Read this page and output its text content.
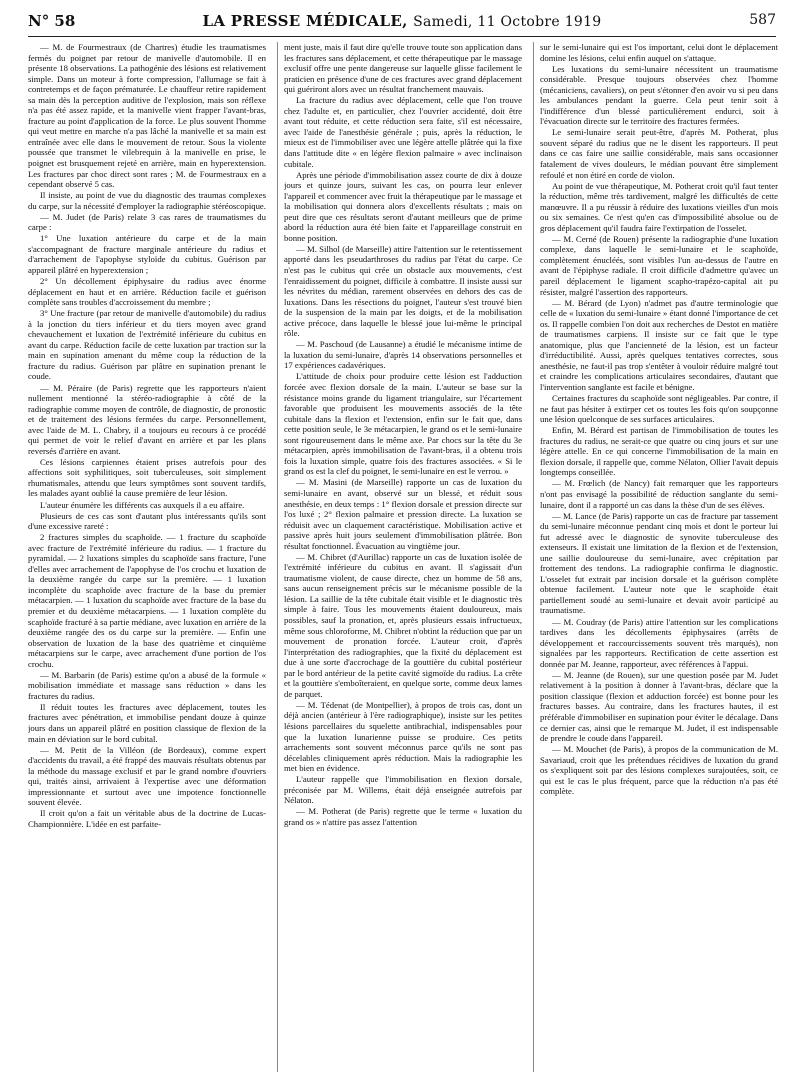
N° 58	LA PRESSE MÉDICALE, Samedi, 11 Octobre 1919	587

— M. de Fourmestraux (de Chartres) étudie les traumatismes fermés du poignet par retour de manivelle d'automobile. Il en présente 18 observations. La pathogénie des lésions est relativement simple. Dans un moteur à forte compression, l'allumage se fait à contretemps et de façon prématurée. Le chauffeur retire rapidement sa main dès la perception auditive de l'explosion, mais son réflexe n'a pas été assez rapide, et la manivelle vient frapper l'avant-bras, fracture au point d'application de la force. Le plus souvent l'homme qui veut mettre en marche n'a pas lâché la manivelle et sa main est entraînée avec elle dans le mouvement de retour. Sous la violente poussée que transmet le vilebrequin à la manivelle en prise, le poignet est brusquement rejeté en arrière, main en hyperextension. Les fractures par choc direct sont rares ; M. de Fourmestraux en a cependant observé 5 cas.

Il insiste, au point de vue du diagnostic des traumas complexes du carpe, sur la nécessité d'employer la radiographie stéréoscopique.

— M. Judet (de Paris) relate 3 cas rares de traumatismes du carpe :

1° Une luxation antérieure du carpe et de la main s'accompagnant de fracture marginale antérieure du radius et d'arrachement de l'apophyse styloïde du cubitus. Guérison par appareil plâtré en hyperextension ;

2° Un décollement épiphysaire du radius avec énorme déplacement en haut et en arrière. Réduction facile et guérison complète sans troubles d'accroissement du membre ;

3° Une fracture (par retour de manivelle d'automobile) du radius à la jonction du tiers inférieur et du tiers moyen avec grand chevauchement et luxation de l'extrémité inférieure du cubitus en avant du carpe. Réduction facile de cette luxation par traction sur la main en supination amenant du même coup la réduction de la fracture du radius. Guérison par plâtre en supination prenant le coude.

— M. Péraire (de Paris) regrette que les rapporteurs n'aient nullement mentionné la stéréo-radiographie à côté de la radiographie comme moyen de contrôle, de diagnostic, de pronostic et de traitement des lésions fermées du carpe. Personnellement, avec l'aide de M. L. Chabry, il a toujours eu recours à ce procédé qui permet de voir le relief d'avant en arrière et par les plans reversés d'arrière en avant.

Ces lésions carpiennes étaient prises autrefois pour des affections soit syphilitiques, soit tuberculeuses, soit simplement rhumatismales, attendu que leurs symptômes sont souvent tardifs, les malades ayant oublié la cause première de leur lésion.

L'auteur énumère les différents cas auxquels il a eu affaire.

Plusieurs de ces cas sont d'autant plus intéressants qu'ils sont d'une excessive rareté :

2 fractures simples du scaphoïde. — 1 fracture du scaphoïde avec fracture de l'extrémité inférieure du radius. — 1 fracture du pyramidal. — 2 luxations simples du scaphoïde sans fracture, l'une d'elles avec arrachement de l'apophyse de l'os crochu et luxation de la deuxième rangée du carpe sur la première. — 1 luxation incomplète du scaphoïde avec fracture de la base du premier métacarpien. — 1 luxation du scaphoïde avec fracture de la base du premier et du deuxième métacarpiens. — 1 luxation complète du scaphoïde fracturé à sa partie médiane, avec luxation en arrière de la deuxième rangée des os du carpe sur la première. — Enfin une observation de luxation de la base des quatrième et cinquième métacarpiens sur le carpe, avec arrachement d'une portion de l'os crochu.

— M. Barbarin (de Paris) estime qu'on a abusé de la formule « mobilisation immédiate et massage sans réduction » dans les fractures du radius.

Il réduit toutes les fractures avec déplacement, toutes les fractures avec pénétration, et immobilise pendant douze à quinze jours dans un appareil plâtré en position classique de flexion de la main en déviation sur le bord cubital.

— M. Petit de la Villéon (de Bordeaux), comme expert d'accidents du travail, a été frappé des mauvais résultats obtenus par la méthode du massage exclusif et par le grand nombre d'ouvriers qui, traités ainsi, arrivaient à l'expertise avec une déformation impressionnante et surtout avec une impotence fonctionnelle souvent élevée.

Il croit qu'on a fait un véritable abus de la doctrine de Lucas-Championnière. L'idée en est parfaite-

ment juste, mais il faut dire qu'elle trouve toute son application dans les fractures sans déplacement, et cette thérapeutique par le massage exclusif offre une pente dangereuse sur laquelle glisse facilement le praticien en présence d'une de ces fractures avec grand déplacement qui guériront alors avec un résultat franchement mauvais.

La fracture du radius avec déplacement, celle que l'on trouve chez l'adulte et, en particulier, chez l'ouvrier accidenté, doit être avant tout réduite, et cette réduction sera faite, s'il est nécessaire, avec l'aide de l'anesthésie générale ; puis, après la réduction, le mieux est de l'immobiliser avec une légère attelle plâtrée qui la fixe dans l'attitude dite « en légère flexion palmaire » avec inclinaison cubitale.

Après une période d'immobilisation assez courte de dix à douze jours et quinze jours, suivant les cas, on pourra leur enlever l'appareil et commencer avec fruit la thérapeutique par le massage et la mobilisation qui donnera alors d'excellents résultats ; mais on peut dire que ces résultats seront d'autant meilleurs que de prime abord la réduction aura été bien faite et l'appareillage construit en bonne position.

— M. Silhol (de Marseille) attire l'attention sur le retentissement apporté dans les pseudarthroses du radius par l'état du carpe. Ce n'est pas le cubitus qui crée un obstacle aux mouvements, c'est l'enraidissement du poignet, difficile à combattre. Il insiste aussi sur les névrites du médian, rarement observées en dehors des cas de luxations. Dans les résections du poignet, l'auteur s'est trouvé bien de la suspension de la main par les doigts, et de la mobilisation active précoce, dans laquelle le blessé joue lui-même le principal rôle.

— M. Paschoud (de Lausanne) a étudié le mécanisme intime de la luxation du semi-lunaire, d'après 14 observations personnelles et 17 expériences cadavériques.

L'attitude de choix pour produire cette lésion est l'adduction forcée avec flexion dorsale de la main. L'auteur se base sur la résistance moins grande du ligament triangulaire, sur l'écartement favorable que produisent les mouvements associés de la tête cubitale dans la flexion et l'extension, enfin sur le fait que, dans cette position seule, le 3e métacarpien, le grand os et le semi-lunaire sont rigoureusement dans le même axe. Par chocs sur la tête du 3e métacarpien, après immobilisation de l'avant-bras, il a obtenu trois fois la luxation simple, quatre fois des fractures associées. « Si le grand os est la clef du poignet, le semi-lunaire en est le verrou. »

— M. Masini (de Marseille) rapporte un cas de luxation du semi-lunaire en avant, observé sur un blessé, et réduit sous anesthésie, en deux temps : 1° flexion dorsale et pression directe sur l'os luxé ; 2° flexion palmaire et pression directe. La luxation se réduisit avec un claquement caractéristique. Mobilisation active et passive après huit jours seulement d'immobilisation plâtrée. Bon résultat fonctionnel. Évacuation au vingtième jour.

— M. Chibret (d'Aurillac) rapporte un cas de luxation isolée de l'extrémité inférieure du cubitus en avant. Il s'agissait d'un traumatisme violent, de cause directe, chez un homme de 58 ans, sans aucun renseignement précis sur le mécanisme possible de la lésion. La saillie de la tête cubitale était visible et le diagnostic très simple à faire. Tous les mouvements étaient douloureux, mais possibles, sauf la pronation, et, après plusieurs essais infructueux, même sous chloroforme, M. Chibret n'obtint la réduction que par un mouvement de pronation forcée. L'auteur croit, d'après l'interprétation des radiographies, que la fixité du déplacement est due à une sorte d'accrochage de la gouttière du cubital postérieur par le bord antérieur de la petite cavité sigmoïde du radius. La crête et la gouttière s'emboîteraient, en quelque sorte, comme deux lames de parquet.

— M. Tédenat (de Montpellier), à propos de trois cas, dont un déjà ancien (antérieur à l'ère radiographique), insiste sur les petites lésions parcellaires du squelette antibrachial, indispensables pour que la luxation lunarienne puisse se produire. Ces petits arrachements sont souvent méconnus parce qu'ils ne sont pas décelables cliniquement après réduction. Mais la radiographie les met bien en évidence.

L'auteur rappelle que l'immobilisation en flexion dorsale, préconisée par M. Willems, était déjà enseignée autrefois par Nélaton.

— M. Potherat (de Paris) regrette que le terme « luxation du grand os » n'attire pas assez l'attention

sur le semi-lunaire qui est l'os important, celui dont le déplacement domine les lésions, celui enfin auquel on s'attaque.

Les luxations du semi-lunaire nécessitent un traumatisme considérable. Presque toujours observées chez l'homme (mécaniciens, cavaliers), on peut s'étonner d'en avoir vu si peu dans les ambulances pendant la guerre. Cela peut tenir soit à l'indifférence d'un blessé particulièrement endurci, soit à l'évacuation directe sur le territoire des fractures fermées.

Le semi-lunaire serait peut-être, d'après M. Potherat, plus souvent séparé du radius que ne le disent les rapporteurs. Il peut dans ce cas faire une saillie considérable, mais sans occasionner fatalement de vives douleurs, le médian pouvant être simplement refoulé et non étiré en corde de violon.

Au point de vue thérapeutique, M. Potherat croit qu'il faut tenter la réduction, même très tardivement, malgré les difficultés de cette manœuvre. Il a pu réussir à réduire des luxations vieilles d'un mois ou six semaines. Ce n'est qu'en cas d'impossibilité absolue ou de gros déplacement qu'il faudra faire l'extirpation de l'osselet.

— M. Cerné (de Rouen) présente la radiographie d'une luxation complexe, dans laquelle le semi-lunaire et le scaphoïde, complètement énucléés, sont visibles l'un au-dessus de l'autre en avant de l'épiphyse radiale. Il croit difficile d'admettre qu'avec un pareil déplacement le ligament scapho-trapézo-capital ait pu résister, malgré l'assertion des rapporteurs.

— M. Bérard (de Lyon) n'admet pas d'autre terminologie que celle de « luxation du semi-lunaire » étant donné l'importance de cet os. Il rappelle combien l'on doit aux recherches de Destot en matière de traumatismes carpiens. Il insiste sur ce fait que le type anatomique, plus que l'ancienneté de la lésion, est un facteur d'irréductibilité. Aussi, après quelques tentatives correctes, sous anesthésie, ne faut-il pas trop s'entêter à vouloir réduire malgré tout et craindre les complications articulaires secondaires, d'autant que l'intervention sanglante est facile et bénigne.

Certaines fractures du scaphoïde sont négligeables. Par contre, il ne faut pas hésiter à extirper cet os toutes les fois qu'on soupçonne une lésion quelconque de ses surfaces articulaires.

Enfin, M. Bérard est partisan de l'immobilisation de toutes les fractures du radius, ne serait-ce que quatre ou cinq jours et sur une légère attelle. En ce qui concerne l'immobilisation de la main en flexion dorsale, il rappelle que, comme Nélaton, Ollier l'avait depuis longtemps conseillée.

— M. Frœlich (de Nancy) fait remarquer que les rapporteurs n'ont pas envisagé la possibilité de réduction sanglante du semi-lunaire, dont il a rapporté un cas dans la thèse d'un de ses élèves.

— M. Lance (de Paris) rapporte un cas de fracture par tassement du semi-lunaire méconnue pendant cinq mois et dont le porteur lui fut adressé avec le diagnostic de synovite tuberculeuse des extenseurs. Il existait une limitation de la flexion et de l'extension, une saillie douloureuse du semi-lunaire, avec crépitation par frottement des tendons. La radiographie confirma le diagnostic. L'osselet fut extrait par incision dorsale et la guérison complète obtenue facilement. L'auteur note que le scaphoïde était partiellement soudé au semi-lunaire et devait avoir participé au traumatisme.

— M. Coudray (de Paris) attire l'attention sur les complications tardives dans les décollements épiphysaires (arrêts de développement et raccourcissements souvent très marqués), non signalées par les rapporteurs. Rectification de cette assertion est donnée par M. Jeanne, rapporteur, avec références à l'appui.

— M. Jeanne (de Rouen), sur une question posée par M. Judet relativement à la position à donner à l'avant-bras, déclare que la position classique (flexion et adduction forcée) est bonne pour les fractures basses. Au contraire, dans les fractures hautes, il est préférable d'immobiliser en supination pour éviter le décalage. Dans ce dernier cas, ainsi que le remarque M. Judet, il est indispensable de prendre le coude dans l'appareil.

— M. Mouchet (de Paris), à propos de la communication de M. Savariaud, croit que les prétendues récidives de luxation du grand os s'expliquent soit par des lésions complexes surajoutées, soit, ce qui est le cas le plus fréquent, parce que la réduction n'a pas été complète.
